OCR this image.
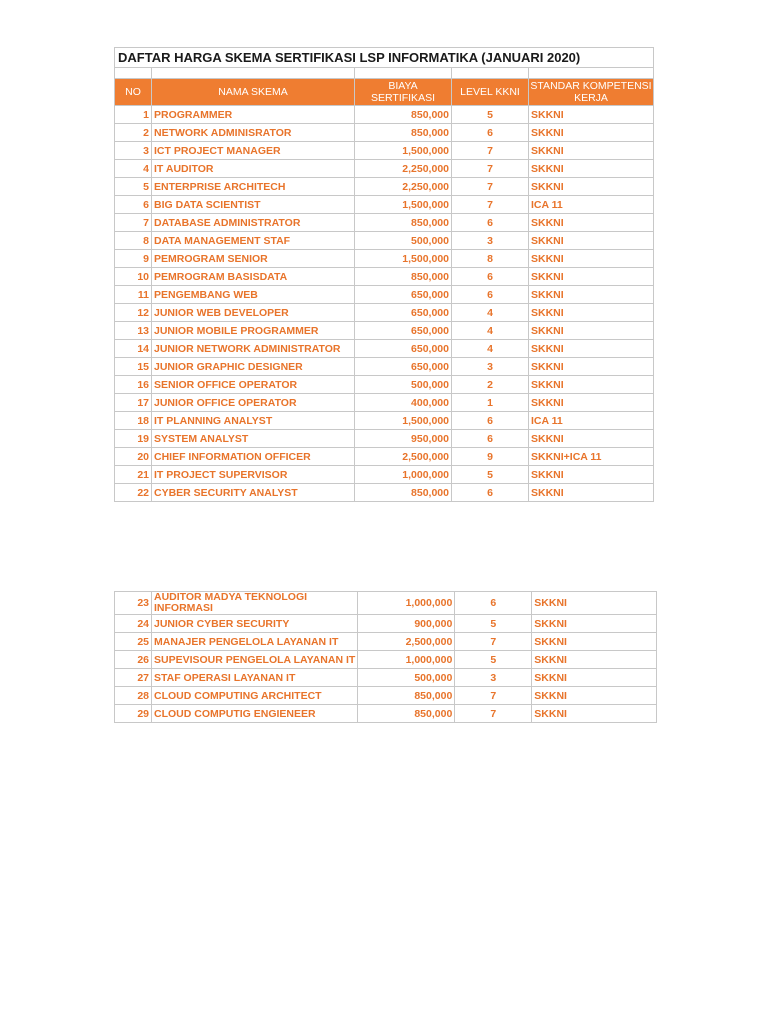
DAFTAR HARGA SKEMA SERTIFIKASI LSP INFORMATIKA (JANUARI 2020)				

NO	NAMA SKEMA	BIAYA SERTIFIKASI	LEVEL KKNI	STANDAR KOMPETENSI KERJA
1	PROGRAMMER	850,000	5	SKKNI
2	NETWORK ADMINISRATOR	850,000	6	SKKNI
3	ICT PROJECT MANAGER	1,500,000	7	SKKNI
4	IT AUDITOR	2,250,000	7	SKKNI
5	ENTERPRISE ARCHITECH	2,250,000	7	SKKNI
6	BIG DATA SCIENTIST	1,500,000	7	ICA 11
7	DATABASE ADMINISTRATOR	850,000	6	SKKNI
8	DATA MANAGEMENT STAF	500,000	3	SKKNI
9	PEMROGRAM SENIOR	1,500,000	8	SKKNI
10	PEMROGRAM BASISDATA	850,000	6	SKKNI
11	PENGEMBANG WEB	650,000	6	SKKNI
12	JUNIOR WEB DEVELOPER	650,000	4	SKKNI
13	JUNIOR MOBILE PROGRAMMER	650,000	4	SKKNI
14	JUNIOR NETWORK ADMINISTRATOR	650,000	4	SKKNI
15	JUNIOR GRAPHIC DESIGNER	650,000	3	SKKNI
16	SENIOR OFFICE OPERATOR	500,000	2	SKKNI
17	JUNIOR OFFICE OPERATOR	400,000	1	SKKNI
18	IT PLANNING ANALYST	1,500,000	6	ICA 11
19	SYSTEM ANALYST	950,000	6	SKKNI
20	CHIEF INFORMATION OFFICER	2,500,000	9	SKKNI+ICA 11
21	IT PROJECT SUPERVISOR	1,000,000	5	SKKNI
22	CYBER SECURITY ANALYST	850,000	6	SKKNI
23	AUDITOR MADYA TEKNOLOGI INFORMASI	1,000,000	6	SKKNI
24	JUNIOR CYBER SECURITY	900,000	5	SKKNI
25	MANAJER PENGELOLA LAYANAN IT	2,500,000	7	SKKNI
26	SUPEVISOUR PENGELOLA LAYANAN IT	1,000,000	5	SKKNI
27	STAF OPERASI LAYANAN IT	500,000	3	SKKNI
28	CLOUD COMPUTING ARCHITECT	850,000	7	SKKNI
29	CLOUD COMPUTIG ENGIENEER	850,000	7	SKKNI
